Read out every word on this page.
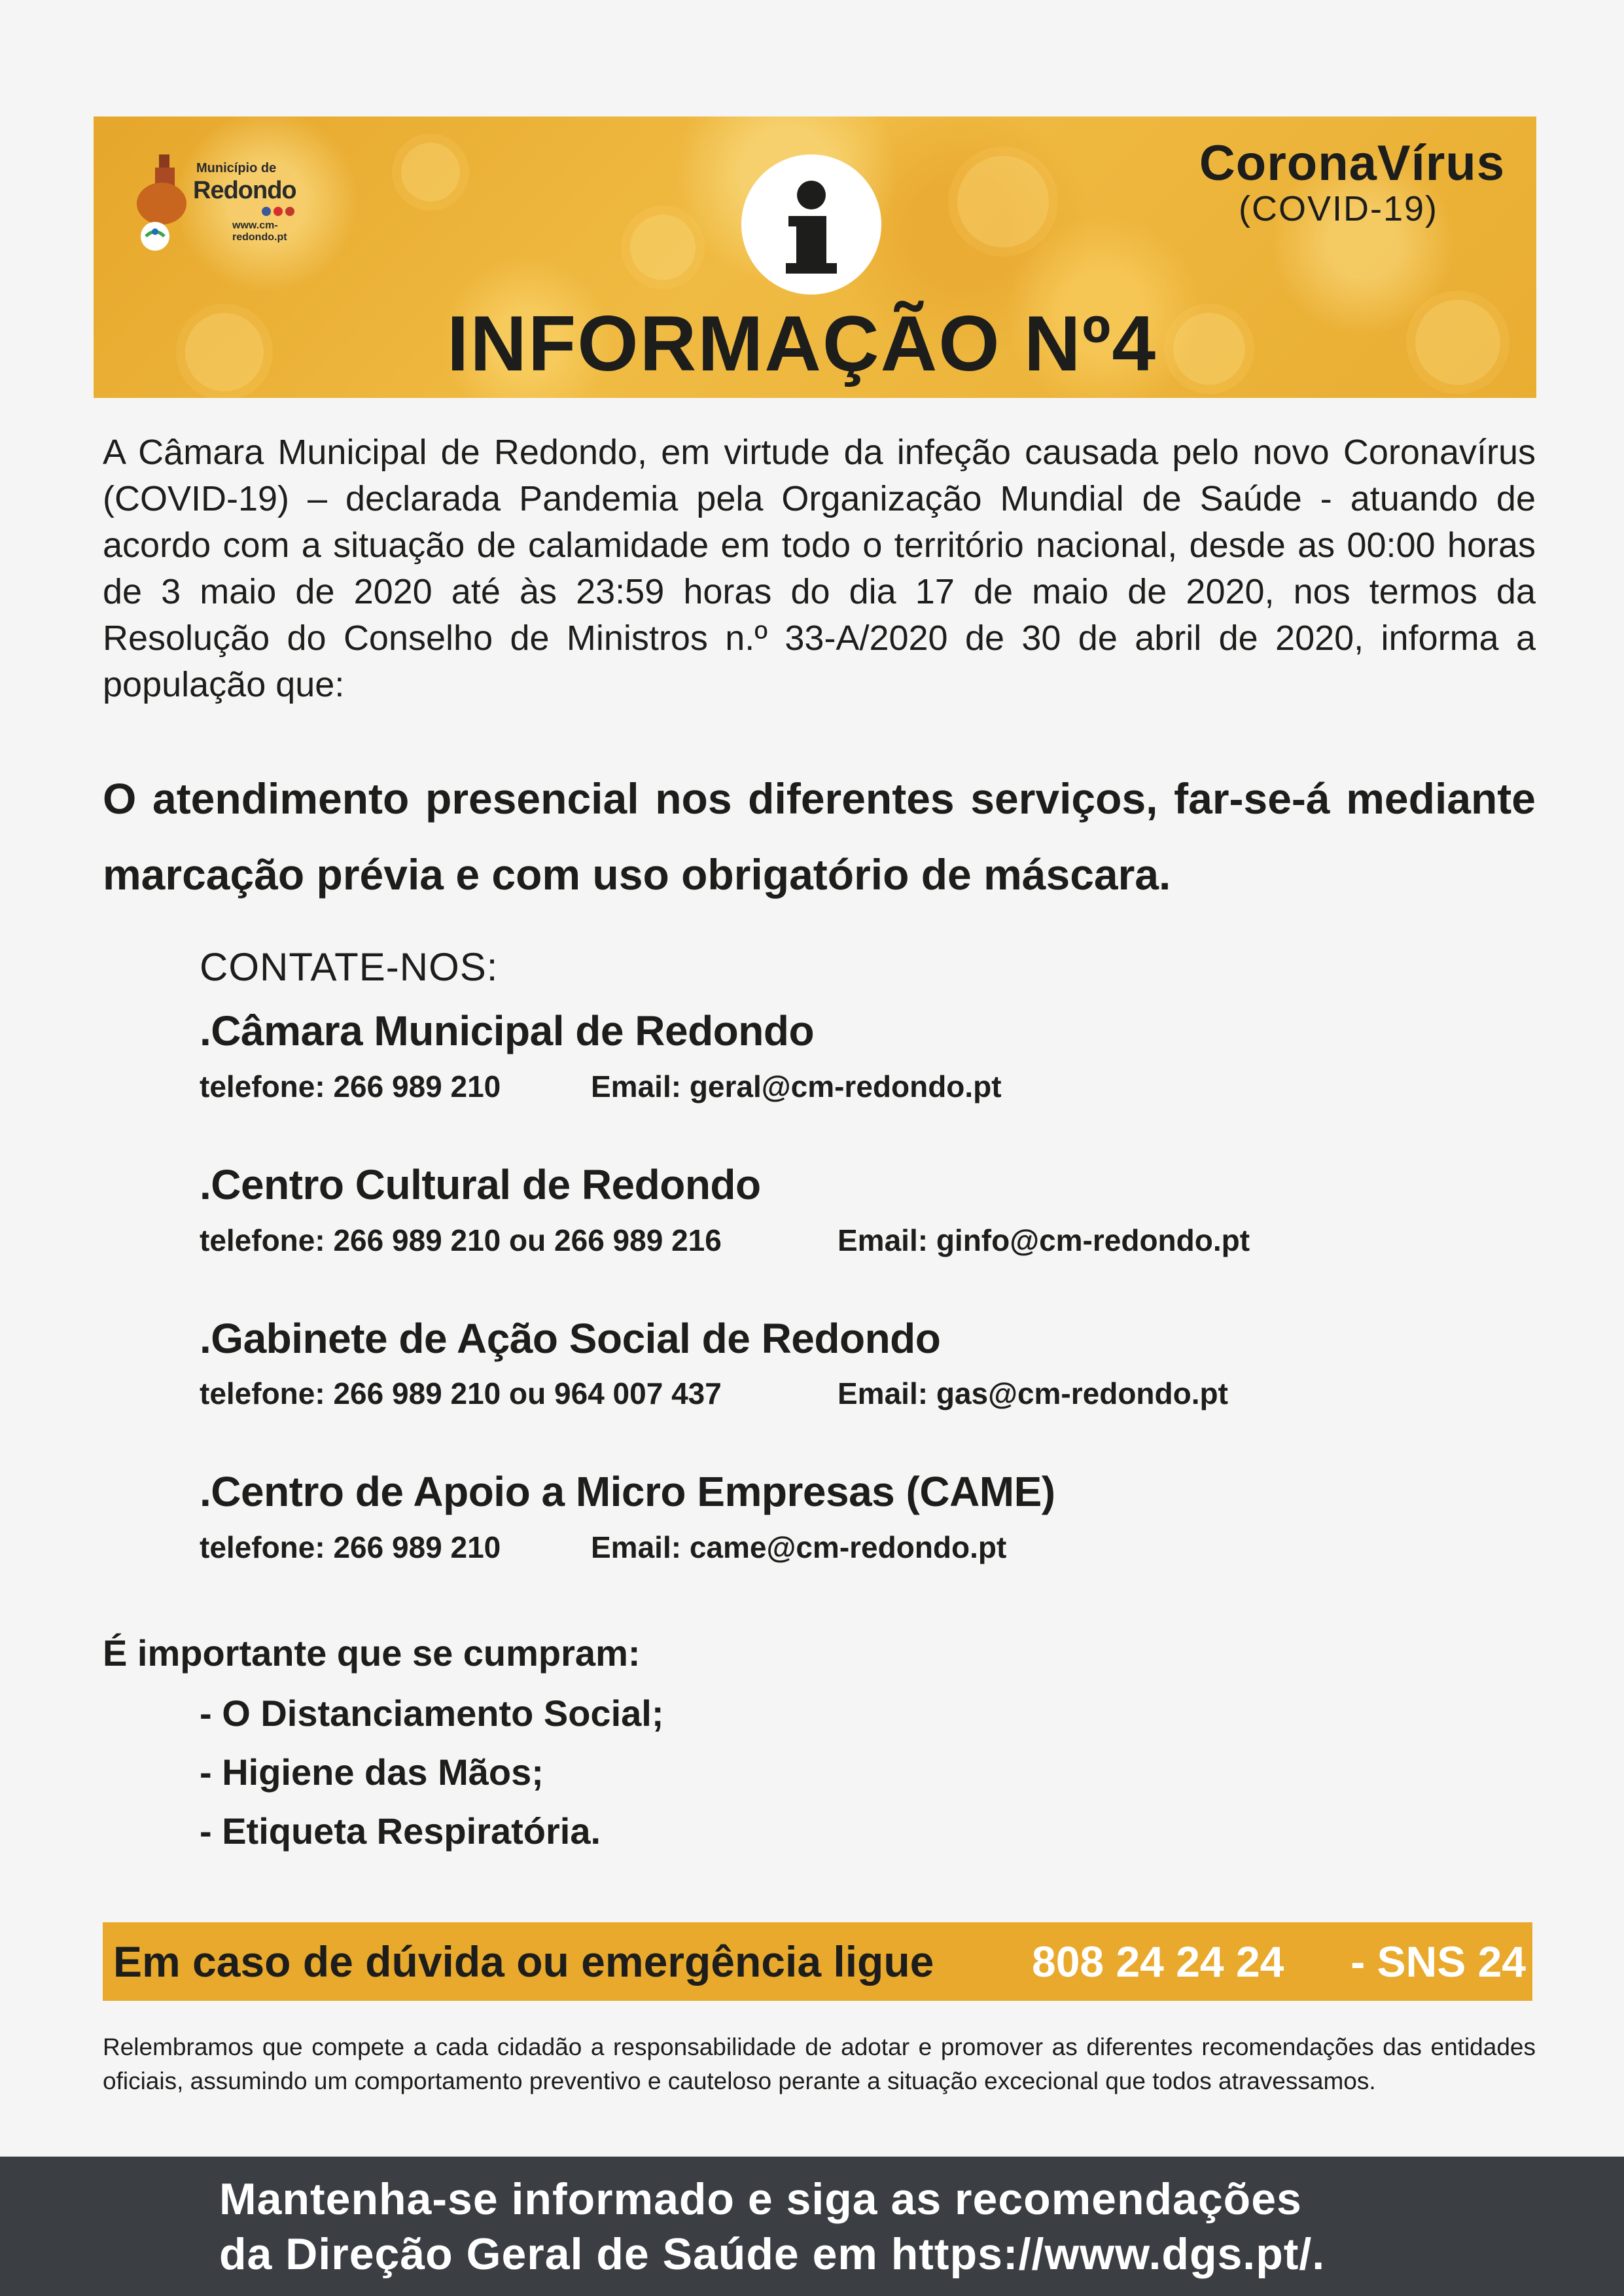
Município de
Redondo
www.cm-redondo.pt
CoronaVírus
(COVID-19)
INFORMAÇÃO Nº4
A Câmara Municipal de Redondo, em virtude da infeção causada pelo novo Coronavírus (COVID-19) – declarada Pandemia pela Organização Mundial de Saúde - atuando de acordo com a situação de calamidade em todo o território nacional, desde as 00:00 horas de 3 maio de 2020 até às 23:59 horas do dia 17 de maio de 2020, nos termos da Resolução do Conselho de Ministros n.º 33-A/2020 de 30 de abril de 2020, informa a população que:
O atendimento presencial nos diferentes serviços, far-se-á mediante marcação prévia e com uso obrigatório de máscara.
CONTATE-NOS:
.Câmara Municipal de Redondo
telefone: 266 989 210	Email: geral@cm-redondo.pt
.Centro Cultural de Redondo
telefone: 266 989 210 ou 266 989 216	Email: ginfo@cm-redondo.pt
.Gabinete de Ação Social de Redondo
telefone: 266 989 210 ou 964 007 437	Email: gas@cm-redondo.pt
.Centro de Apoio a Micro Empresas (CAME)
telefone: 266 989 210	Email: came@cm-redondo.pt
É importante que se cumpram:
- O Distanciamento Social;
- Higiene das Mãos;
- Etiqueta Respiratória.
Em caso de dúvida ou emergência ligue 808 24 24 24 - SNS 24
Relembramos que compete a cada cidadão a responsabilidade de adotar e promover as diferentes recomendações das entidades oficiais, assumindo um comportamento preventivo e cauteloso perante a situação excecional que todos atravessamos.
Mantenha-se informado e siga as recomendações
da Direção Geral de Saúde em https://www.dgs.pt/.
